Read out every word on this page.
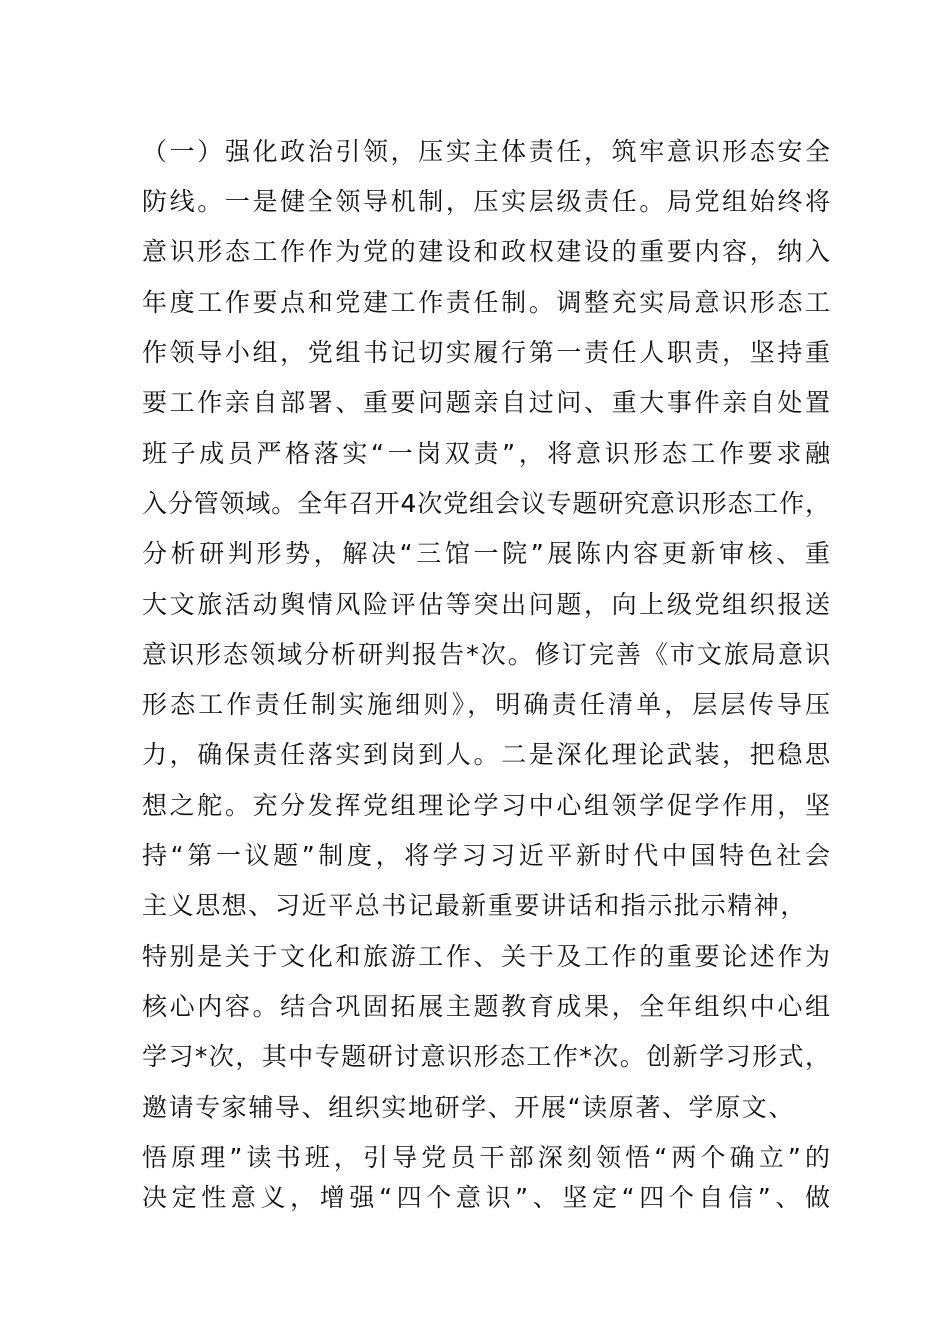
（一）强化政治引领，压实主体责任，筑牢意识形态安全
防线。一是健全领导机制，压实层级责任。局党组始终将
意识形态工作作为党的建设和政权建设的重要内容，纳入
年度工作要点和党建工作责任制。调整充实局意识形态工
作领导小组，党组书记切实履行第一责任人职责，坚持重
要工作亲自部署、重要问题亲自过问、重大事件亲自处置
班子成员严格落实“一岗双责”，将意识形态工作要求融
入分管领域。全年召开4次党组会议专题研究意识形态工作，
分析研判形势，解决“三馆一院”展陈内容更新审核、重
大文旅活动舆情风险评估等突出问题，向上级党组织报送
意识形态领域分析研判报告*次。修订完善《市文旅局意识
形态工作责任制实施细则》，明确责任清单，层层传导压
力，确保责任落实到岗到人。二是深化理论武装，把稳思
想之舵。充分发挥党组理论学习中心组领学促学作用，坚
持“第一议题”制度，将学习习近平新时代中国特色社会
主义思想、习近平总书记最新重要讲话和指示批示精神，
特别是关于文化和旅游工作、关于及工作的重要论述作为
核心内容。结合巩固拓展主题教育成果，全年组织中心组
学习*次，其中专题研讨意识形态工作*次。创新学习形式，
邀请专家辅导、组织实地研学、开展“读原著、学原文、
悟原理”读书班，引导党员干部深刻领悟“两个确立”的
决定性意义，增强“四个意识”、坚定“四个自信”、做
